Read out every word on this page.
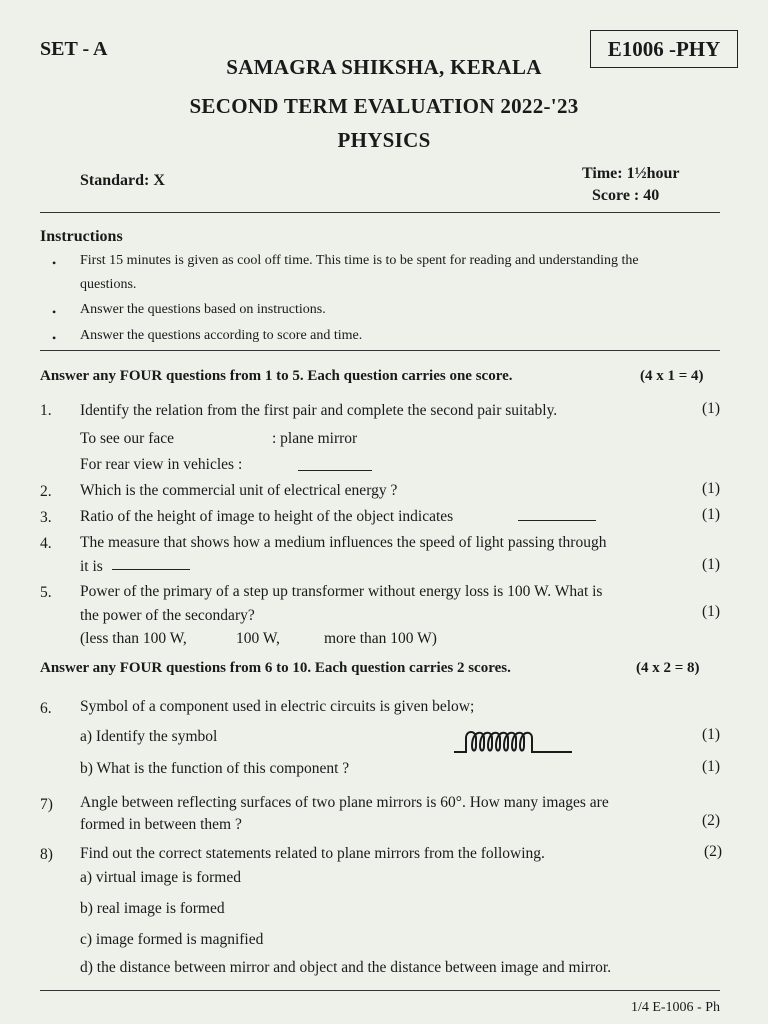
SET - A	E1006 -PHY
SAMAGRA SHIKSHA, KERALA
SECOND TERM EVALUATION 2022-'23
PHYSICS
Standard: X	Time: 1½hour
Score : 40
Instructions
• First 15 minutes is given as cool off time. This time is to be spent for reading and understanding the
questions.
• Answer the questions based on instructions.
• Answer the questions according to score and time.
Answer any FOUR questions from 1 to 5. Each question carries one score.	(4 x 1 = 4)
1. Identify the relation from the first pair and complete the second pair suitably.	(1)
To see our face	: plane mirror
For rear view in vehicles :
2. Which is the commercial unit of electrical energy ?	(1)
3. Ratio of the height of image to height of the object indicates	(1)
4. The measure that shows how a medium influences the speed of light passing through
it is	(1)
5. Power of the primary of a step up transformer without energy loss is 100 W. What is
the power of the secondary?	(1)
(less than 100 W,	100 W,	more than 100 W)
Answer any FOUR questions from 6 to 10. Each question carries 2 scores.	(4 x 2 = 8)
6. Symbol of a component used in electric circuits is given below;
a) Identify the symbol	(1)
b) What is the function of this component ?	(1)
7) Angle between reflecting surfaces of two plane mirrors is 60°. How many images are
formed in between them ?	(2)
8) Find out the correct statements related to plane mirrors from the following.	(2)
a) virtual image is formed
b) real image is formed
c) image formed is magnified
d) the distance between mirror and object and the distance between image and mirror.
1/4 E-1006 - Ph
